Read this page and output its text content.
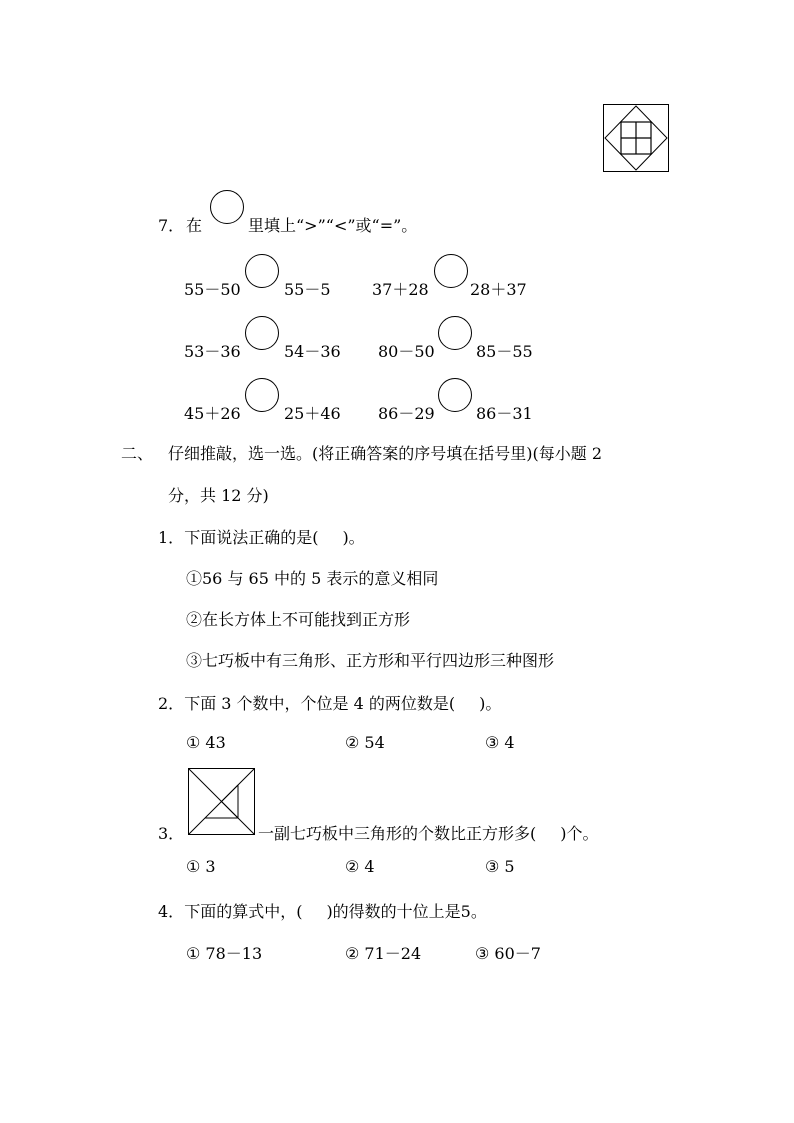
7． 在	里填上“>”“<”或“=”。
55－50	55－5	37＋28	28＋37
53－36	54－36 80－50	85－55
45＋26	25＋46 86－29	86－31
二、 仔细推敲，选一选。(将正确答案的序号填在括号里)(每小题 2
分，共 12 分)
1．下面说法正确的是( )。
①56 与 65 中的 5 表示的意义相同
②在长方体上不可能找到正方形
③七巧板中有三角形、正方形和平行四边形三种图形
2．下面 3 个数中，个位是 4 的两位数是( )。
① 43	② 54	③ 4
3．	一副七巧板中三角形的个数比正方形多( )个。
① 3	② 4	③ 5
4．下面的算式中，( )的得数的十位上是5。
① 78－13	② 71－24	③ 60－7
